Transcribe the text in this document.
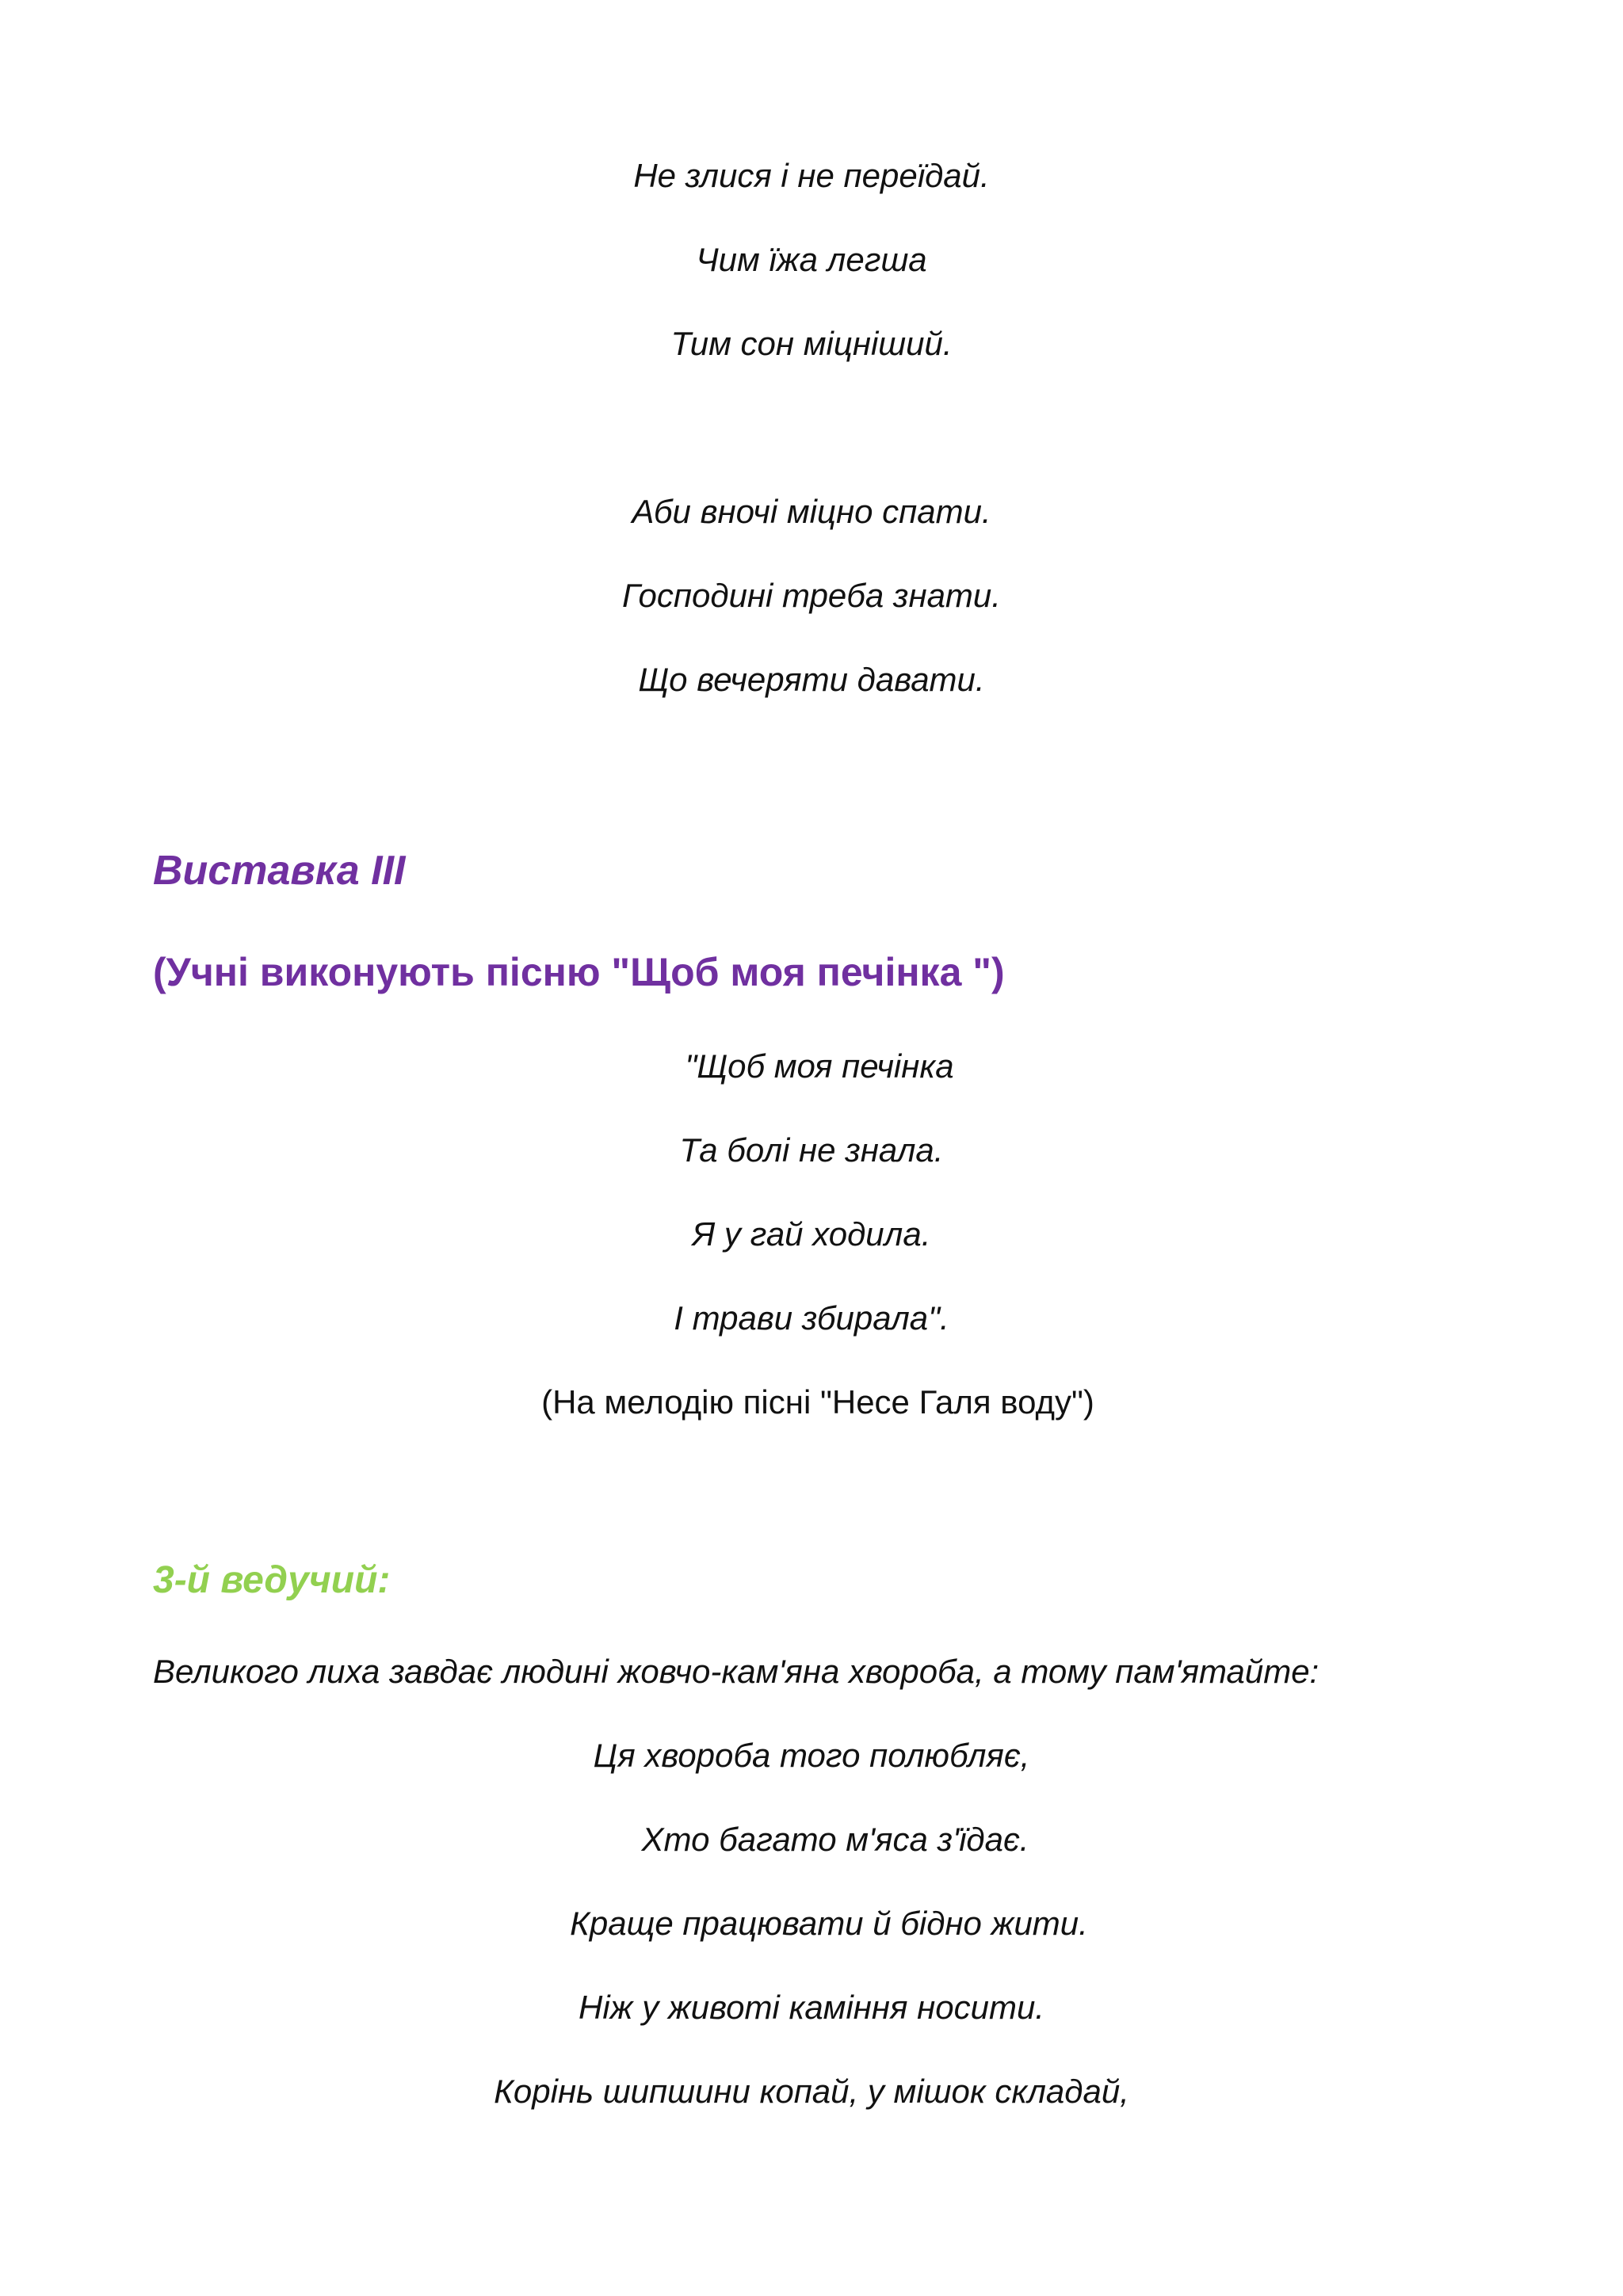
Не злися і не переїдай.
Чим їжа легша
Тим сон міцніший.
Аби вночі міцно спати.
Господині треба знати.
Що вечеряти давати.
Виставка ІІІ
(Учні виконують пісню "Щоб моя печінка ")
"Щоб моя печінка
Та болі не знала.
Я у гай ходила.
І трави збирала".
(На мелодію пісні "Несе Галя воду")
3-й ведучий:
Великого лиха завдає людині жовчо-кам'яна хвороба, а тому пам'ятайте:
Ця хвороба того полюбляє,
Хто багато м'яса з'їдає.
Краще працювати й бідно жити.
Ніж у животі каміння носити.
Корінь шипшини копай, у мішок складай,
